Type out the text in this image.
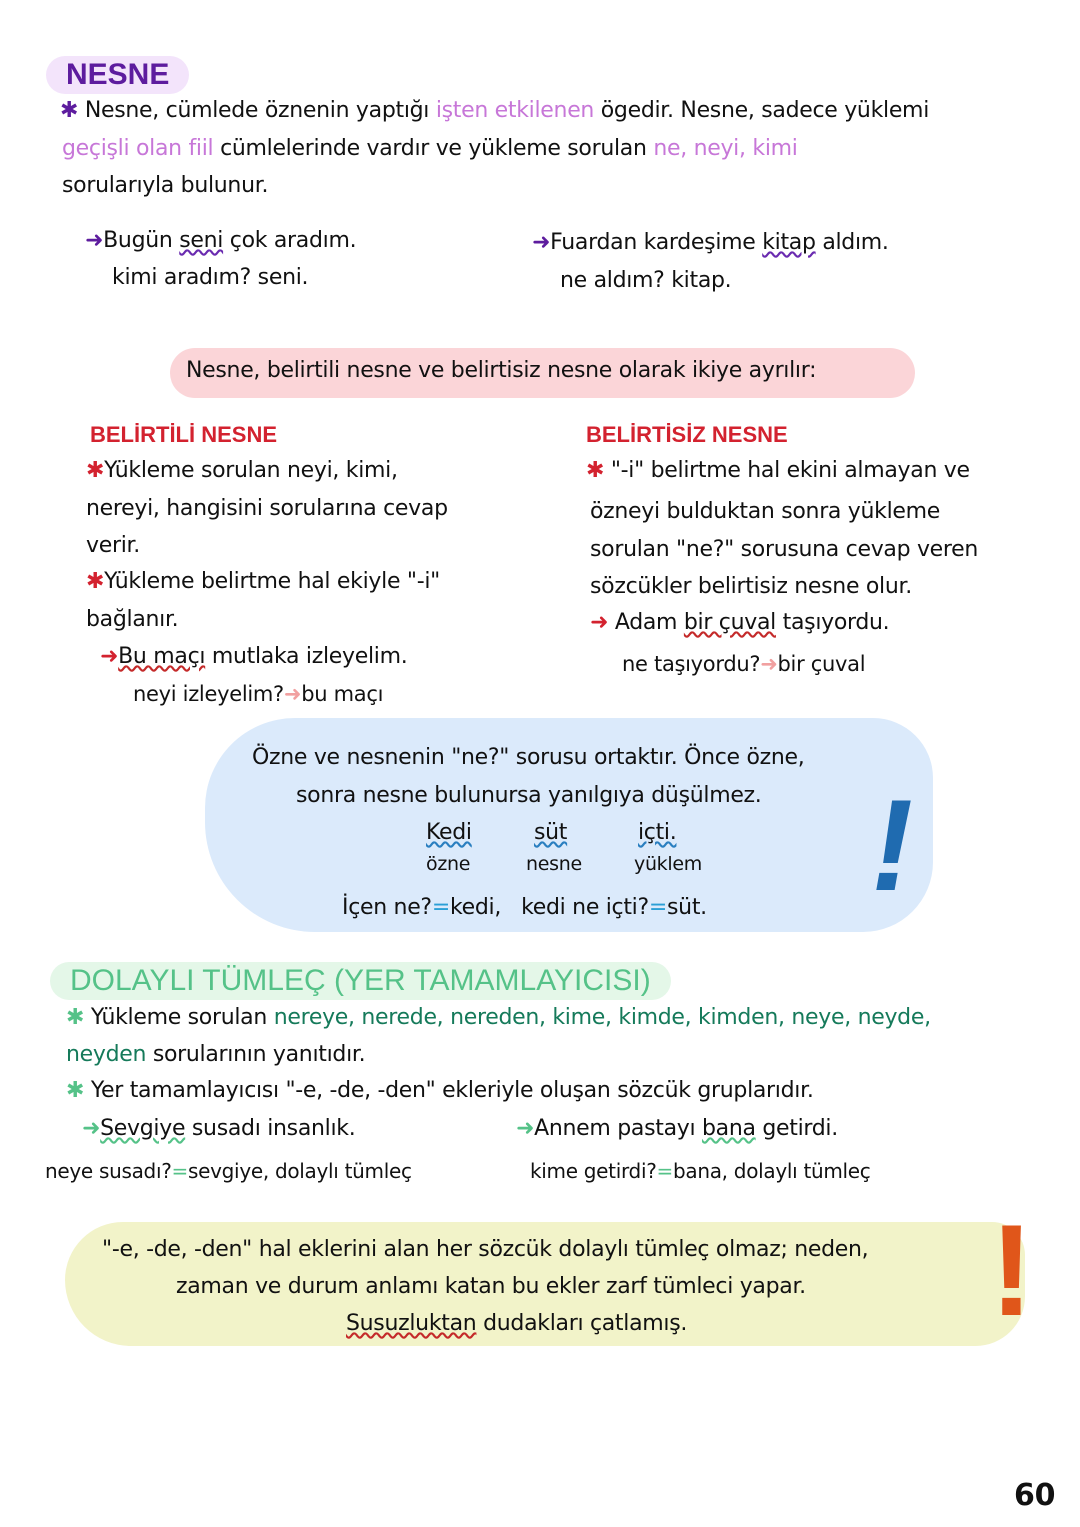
NESNE
✱ Nesne, cümlede öznenin yaptığı işten etkilenen ögedir. Nesne, sadece yüklemi
geçişli olan fiil cümlelerinde vardır ve yükleme sorulan ne, neyi, kimi
sorularıyla bulunur.
➜Bugün seni çok aradım.
kimi aradım? seni.
➜Fuardan kardeşime kitap aldım.
ne aldım? kitap.
Nesne, belirtili nesne ve belirtisiz nesne olarak ikiye ayrılır:
BELİRTİLİ NESNE
✱Yükleme sorulan neyi, kimi,
nereyi, hangisini sorularına cevap
verir.
✱Yükleme belirtme hal ekiyle "-i"
bağlanır.
➜Bu maçı mutlaka izleyelim.
neyi izleyelim?➜bu maçı
BELİRTİSİZ NESNE
✱ "-i" belirtme hal ekini almayan ve
özneyi bulduktan sonra yükleme
sorulan "ne?" sorusuna cevap veren
sözcükler belirtisiz nesne olur.
➜ Adam bir çuval taşıyordu.
ne taşıyordu?➜bir çuval
Özne ve nesnenin "ne?" sorusu ortaktır. Önce özne,
sonra nesne bulunursa yanılgıya düşülmez.
Kedi
özne
süt
nesne
içti.
yüklem
İçen ne?=kedi, kedi ne içti?=süt. !
DOLAYLI TÜMLEÇ (YER TAMAMLAYICISI)
✱ Yükleme sorulan nereye, nerede, nereden, kime, kimde, kimden, neye, neyde,
neyden sorularının yanıtıdır.
✱ Yer tamamlayıcısı "-e, -de, -den" ekleriyle oluşan sözcük gruplarıdır.
➜Sevgiye susadı insanlık.
neye susadı?=sevgiye, dolaylı tümleç
➜Annem pastayı bana getirdi.
kime getirdi?=bana, dolaylı tümleç
"-e, -de, -den" hal eklerini alan her sözcük dolaylı tümleç olmaz; neden,
zaman ve durum anlamı katan bu ekler zarf tümleci yapar.
Susuzluktan dudakları çatlamış. !
60
